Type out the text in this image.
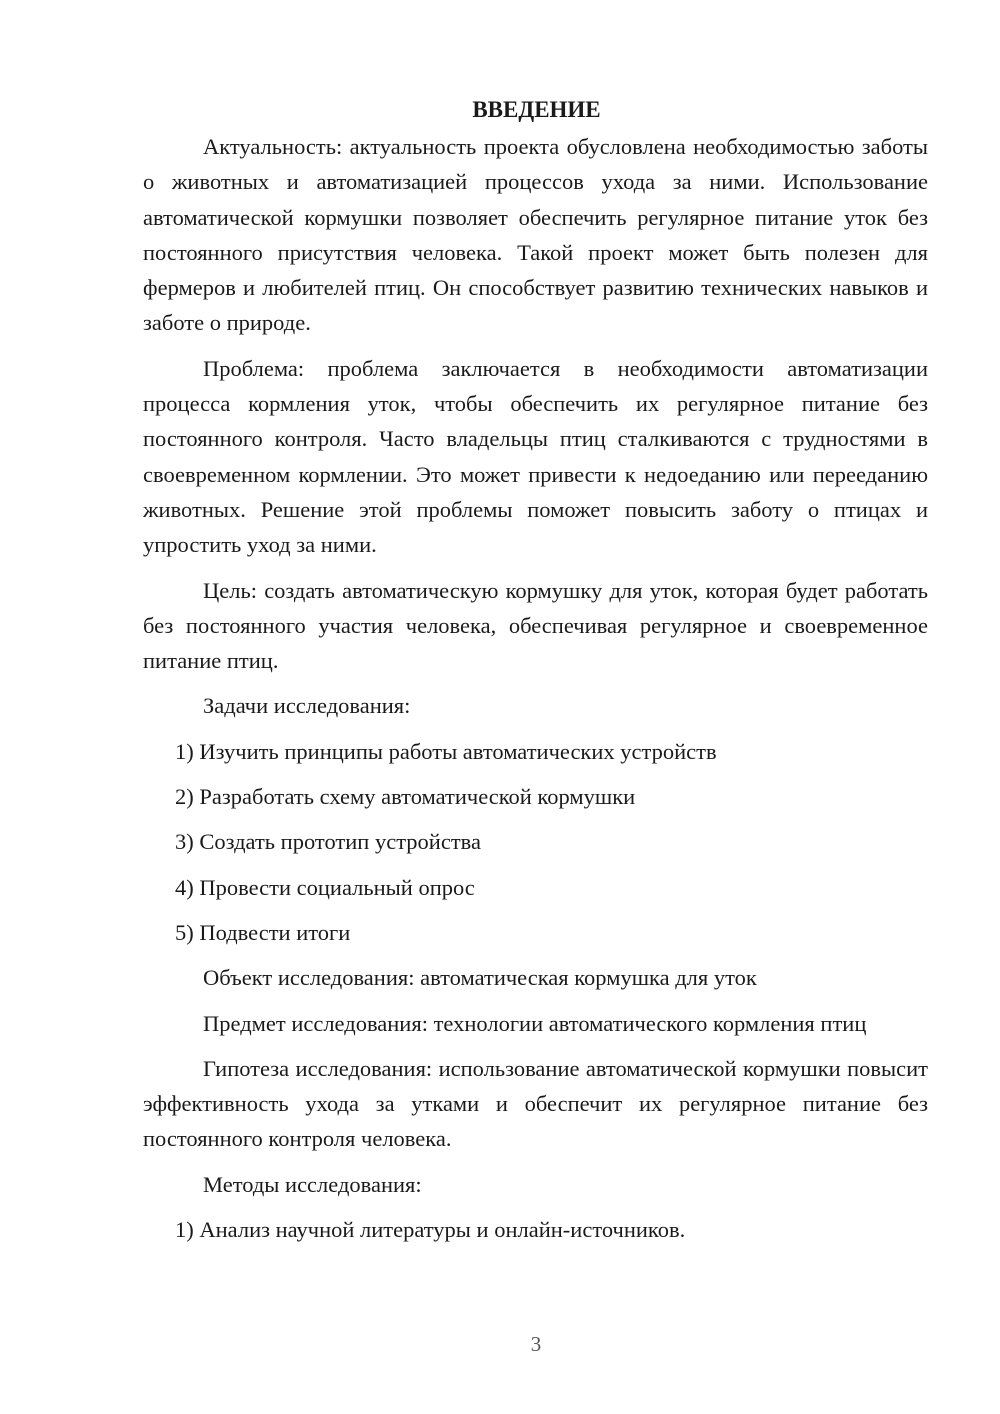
ВВЕДЕНИЕ

Актуальность: актуальность проекта обусловлена необходимостью заботы о животных и автоматизацией процессов ухода за ними. Использование автоматической кормушки позволяет обеспечить регулярное питание уток без постоянного присутствия человека. Такой проект может быть полезен для фермеров и любителей птиц. Он способствует развитию технических навыков и заботе о природе.

Проблема: проблема заключается в необходимости автоматизации процесса кормления уток, чтобы обеспечить их регулярное питание без постоянного контроля. Часто владельцы птиц сталкиваются с трудностями в своевременном кормлении. Это может привести к недоеданию или перееданию животных. Решение этой проблемы поможет повысить заботу о птицах и упростить уход за ними.

Цель: создать автоматическую кормушку для уток, которая будет работать без постоянного участия человека, обеспечивая регулярное и своевременное питание птиц.

Задачи исследования:
1) Изучить принципы работы автоматических устройств
2) Разработать схему автоматической кормушки
3) Создать прототип устройства
4) Провести социальный опрос
5) Подвести итоги
Объект исследования: автоматическая кормушка для уток

Предмет исследования: технологии автоматического кормления птиц

Гипотеза исследования: использование автоматической кормушки повысит эффективность ухода за утками и обеспечит их регулярное питание без постоянного контроля человека.

Методы исследования:
1) Анализ научной литературы и онлайн-источников.
3
